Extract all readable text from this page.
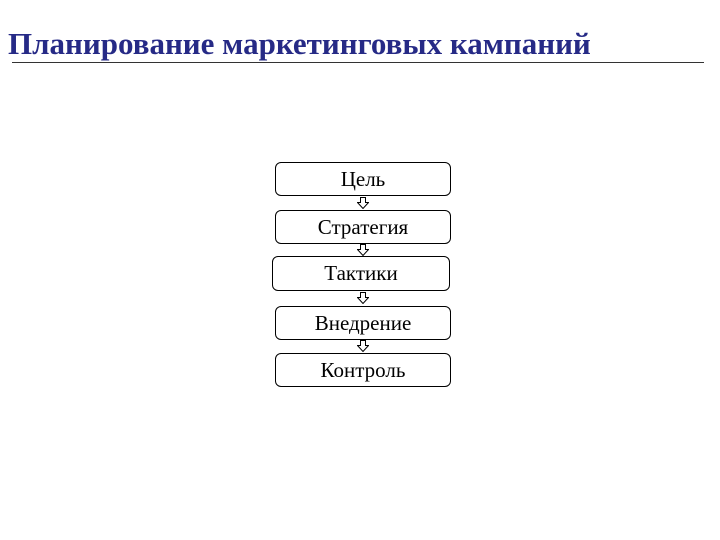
Планирование маркетинговых кампаний
Цель
Стратегия
Тактики
Внедрение
Контроль
